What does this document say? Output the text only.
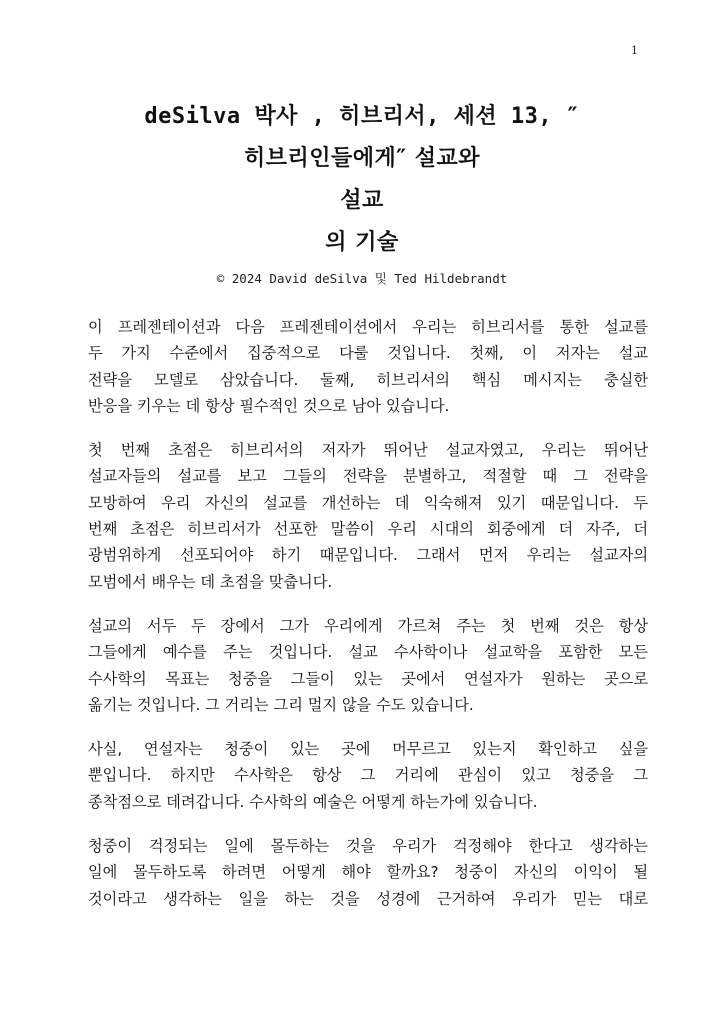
1
deSilva 박사 , 히브리서, 세션 13, ″
히브리인들에게″ 설교와
설교
의 기술
© 2024 David deSilva 및 Ted Hildebrandt
이 프레젠테이션과 다음 프레젠테이션에서 우리는 히브리서를 통한 설교를
두 가지 수준에서 집중적으로 다룰 것입니다. 첫째, 이 저자는 설교
전략을 모델로 삼았습니다. 둘째, 히브리서의 핵심 메시지는 충실한
반응을 키우는 데 항상 필수적인 것으로 남아 있습니다.
첫 번째 초점은 히브리서의 저자가 뛰어난 설교자였고, 우리는 뛰어난
설교자들의 설교를 보고 그들의 전략을 분별하고, 적절할 때 그 전략을
모방하여 우리 자신의 설교를 개선하는 데 익숙해져 있기 때문입니다. 두
번째 초점은 히브리서가 선포한 말씀이 우리 시대의 회중에게 더 자주, 더
광범위하게 선포되어야 하기 때문입니다. 그래서 먼저 우리는 설교자의
모범에서 배우는 데 초점을 맞춥니다.
설교의 서두 두 장에서 그가 우리에게 가르쳐 주는 첫 번째 것은 항상
그들에게 예수를 주는 것입니다. 설교 수사학이나 설교학을 포함한 모든
수사학의 목표는 청중을 그들이 있는 곳에서 연설자가 원하는 곳으로
옮기는 것입니다. 그 거리는 그리 멀지 않을 수도 있습니다.
사실, 연설자는 청중이 있는 곳에 머무르고 있는지 확인하고 싶을
뿐입니다. 하지만 수사학은 항상 그 거리에 관심이 있고 청중을 그
종착점으로 데려갑니다. 수사학의 예술은 어떻게 하는가에 있습니다.
청중이 걱정되는 일에 몰두하는 것을 우리가 걱정해야 한다고 생각하는
일에 몰두하도록 하려면 어떻게 해야 할까요? 청중이 자신의 이익이 될
것이라고 생각하는 일을 하는 것을 성경에 근거하여 우리가 믿는 대로
